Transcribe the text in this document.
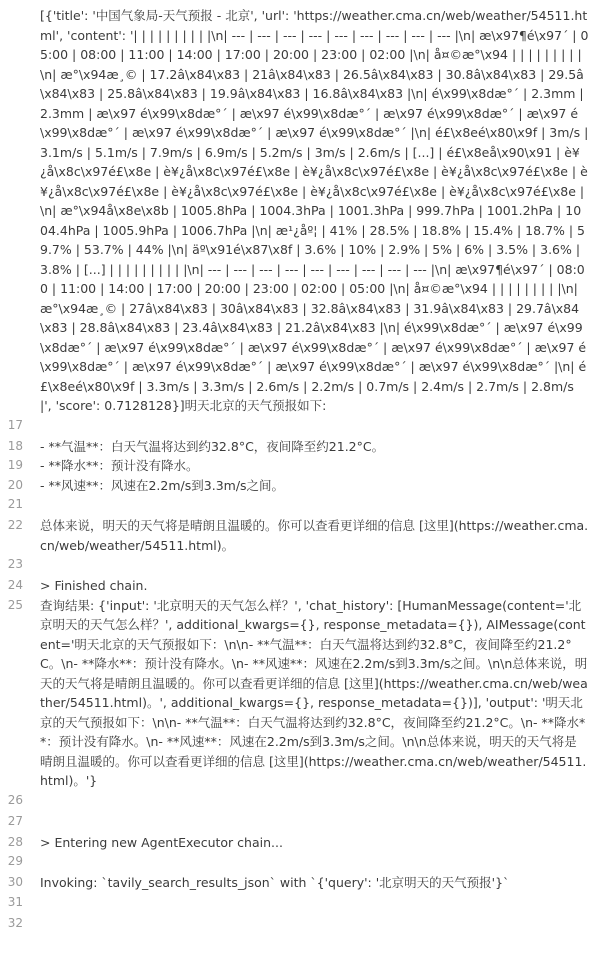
[{'title': '中国气象局-天气预报 - 北京', 'url': 'https://weather.cma.cn/web/weather/54511.html', 'content': '| | | | | | | | | |\n| --- | --- | --- | --- | --- | --- | --- | --- | --- |\n| æ\x97¶é\x97´ | 05:00 | 08:00 | 11:00 | 14:00 | 17:00 | 20:00 | 23:00 | 02:00 |\n| å¤©æ°\x94 | | | | | | | | |\n| æ°\x94æ¸© | 17.2â\x84\x83 | 21â\x84\x83 | 26.5â\x84\x83 | 30.8â\x84\x83 | 29.5â\x84\x83 | 25.8â\x84\x83 | 19.9â\x84\x83 | 16.8â\x84\x83 |\n| é\x99\x8dæ°´ | 2.3mm | 2.3mm | æ\x97 é\x99\x8dæ°´ | æ\x97 é\x99\x8dæ°´ | æ\x97 é\x99\x8dæ°´ | æ\x97 é\x99\x8dæ°´ | æ\x97 é\x99\x8dæ°´ | æ\x97 é\x99\x8dæ°´ |\n| é£\x8eé\x80\x9f | 3m/s | 3.1m/s | 5.1m/s | 7.9m/s | 6.9m/s | 5.2m/s | 3m/s | 2.6m/s | [...] | é£\x8eå\x90\x91 | è¥¿å\x8c\x97é£\x8e | è¥¿å\x8c\x97é£\x8e | è¥¿å\x8c\x97é£\x8e | è¥¿å\x8c\x97é£\x8e | è¥¿å\x8c\x97é£\x8e | è¥¿å\x8c\x97é£\x8e | è¥¿å\x8c\x97é£\x8e | è¥¿å\x8c\x97é£\x8e |\n| æ°\x94å\x8e\x8b | 1005.8hPa | 1004.3hPa | 1001.3hPa | 999.7hPa | 1001.2hPa | 1004.4hPa | 1005.9hPa | 1006.7hPa |\n| æ¹¿åº¦ | 41% | 28.5% | 18.8% | 15.4% | 18.7% | 59.7% | 53.7% | 44% |\n| äº\x91é\x87\x8f | 3.6% | 10% | 2.9% | 5% | 6% | 3.5% | 3.6% | 3.8% | [...] | | | | | | | | | |\n| --- | --- | --- | --- | --- | --- | --- | --- | --- |\n| æ\x97¶é\x97´ | 08:00 | 11:00 | 14:00 | 17:00 | 20:00 | 23:00 | 02:00 | 05:00 |\n| å¤©æ°\x94 | | | | | | | | |\n| æ°\x94æ¸© | 27â\x84\x83 | 30â\x84\x83 | 32.8â\x84\x83 | 31.9â\x84\x83 | 29.7â\x84\x83 | 28.8â\x84\x83 | 23.4â\x84\x83 | 21.2â\x84\x83 |\n| é\x99\x8dæ°´ | æ\x97 é\x99\x8dæ°´ | æ\x97 é\x99\x8dæ°´ | æ\x97 é\x99\x8dæ°´ | æ\x97 é\x99\x8dæ°´ | æ\x97 é\x99\x8dæ°´ | æ\x97 é\x99\x8dæ°´ | æ\x97 é\x99\x8dæ°´ | æ\x97 é\x99\x8dæ°´ |\n| é£\x8eé\x80\x9f | 3.3m/s | 3.3m/s | 2.6m/s | 2.2m/s | 0.7m/s | 2.4m/s | 2.7m/s | 2.8m/s |', 'score': 0.7128128}]明天北京的天气预报如下:
17
18	- **气温**：白天气温将达到约32.8°C，夜间降至约21.2°C。
19	- **降水**：预计没有降水。
20	- **风速**：风速在2.2m/s到3.3m/s之间。
21
22	总体来说，明天的天气将是晴朗且温暖的。你可以查看更详细的信息 [这里](https://weather.cma.cn/web/weather/54511.html)。
23
24	> Finished chain.
25	查询结果: {'input': '北京明天的天气怎么样？', 'chat_history': [HumanMessage(content='北京明天的天气怎么样？', additional_kwargs={}, response_metadata={}), AIMessage(content='明天北京的天气预报如下：\n\n- **气温**：白天气温将达到约32.8°C，夜间降至约21.2°C。\n- **降水**：预计没有降水。\n- **风速**：风速在2.2m/s到3.3m/s之间。\n\n总体来说，明天的天气将是晴朗且温暖的。你可以查看更详细的信息 [这里](https://weather.cma.cn/web/weather/54511.html)。', additional_kwargs={}, response_metadata={})], 'output': '明天北京的天气预报如下：\n\n- **气温**：白天气温将达到约32.8°C，夜间降至约21.2°C。\n- **降水**：预计没有降水。\n- **风速**：风速在2.2m/s到3.3m/s之间。\n\n总体来说，明天的天气将是晴朗且温暖的。你可以查看更详细的信息 [这里](https://weather.cma.cn/web/weather/54511.html)。'}
26
27
28	> Entering new AgentExecutor chain...
29
30	Invoking: `tavily_search_results_json` with `{'query': '北京明天的天气预报'}`
31
32
